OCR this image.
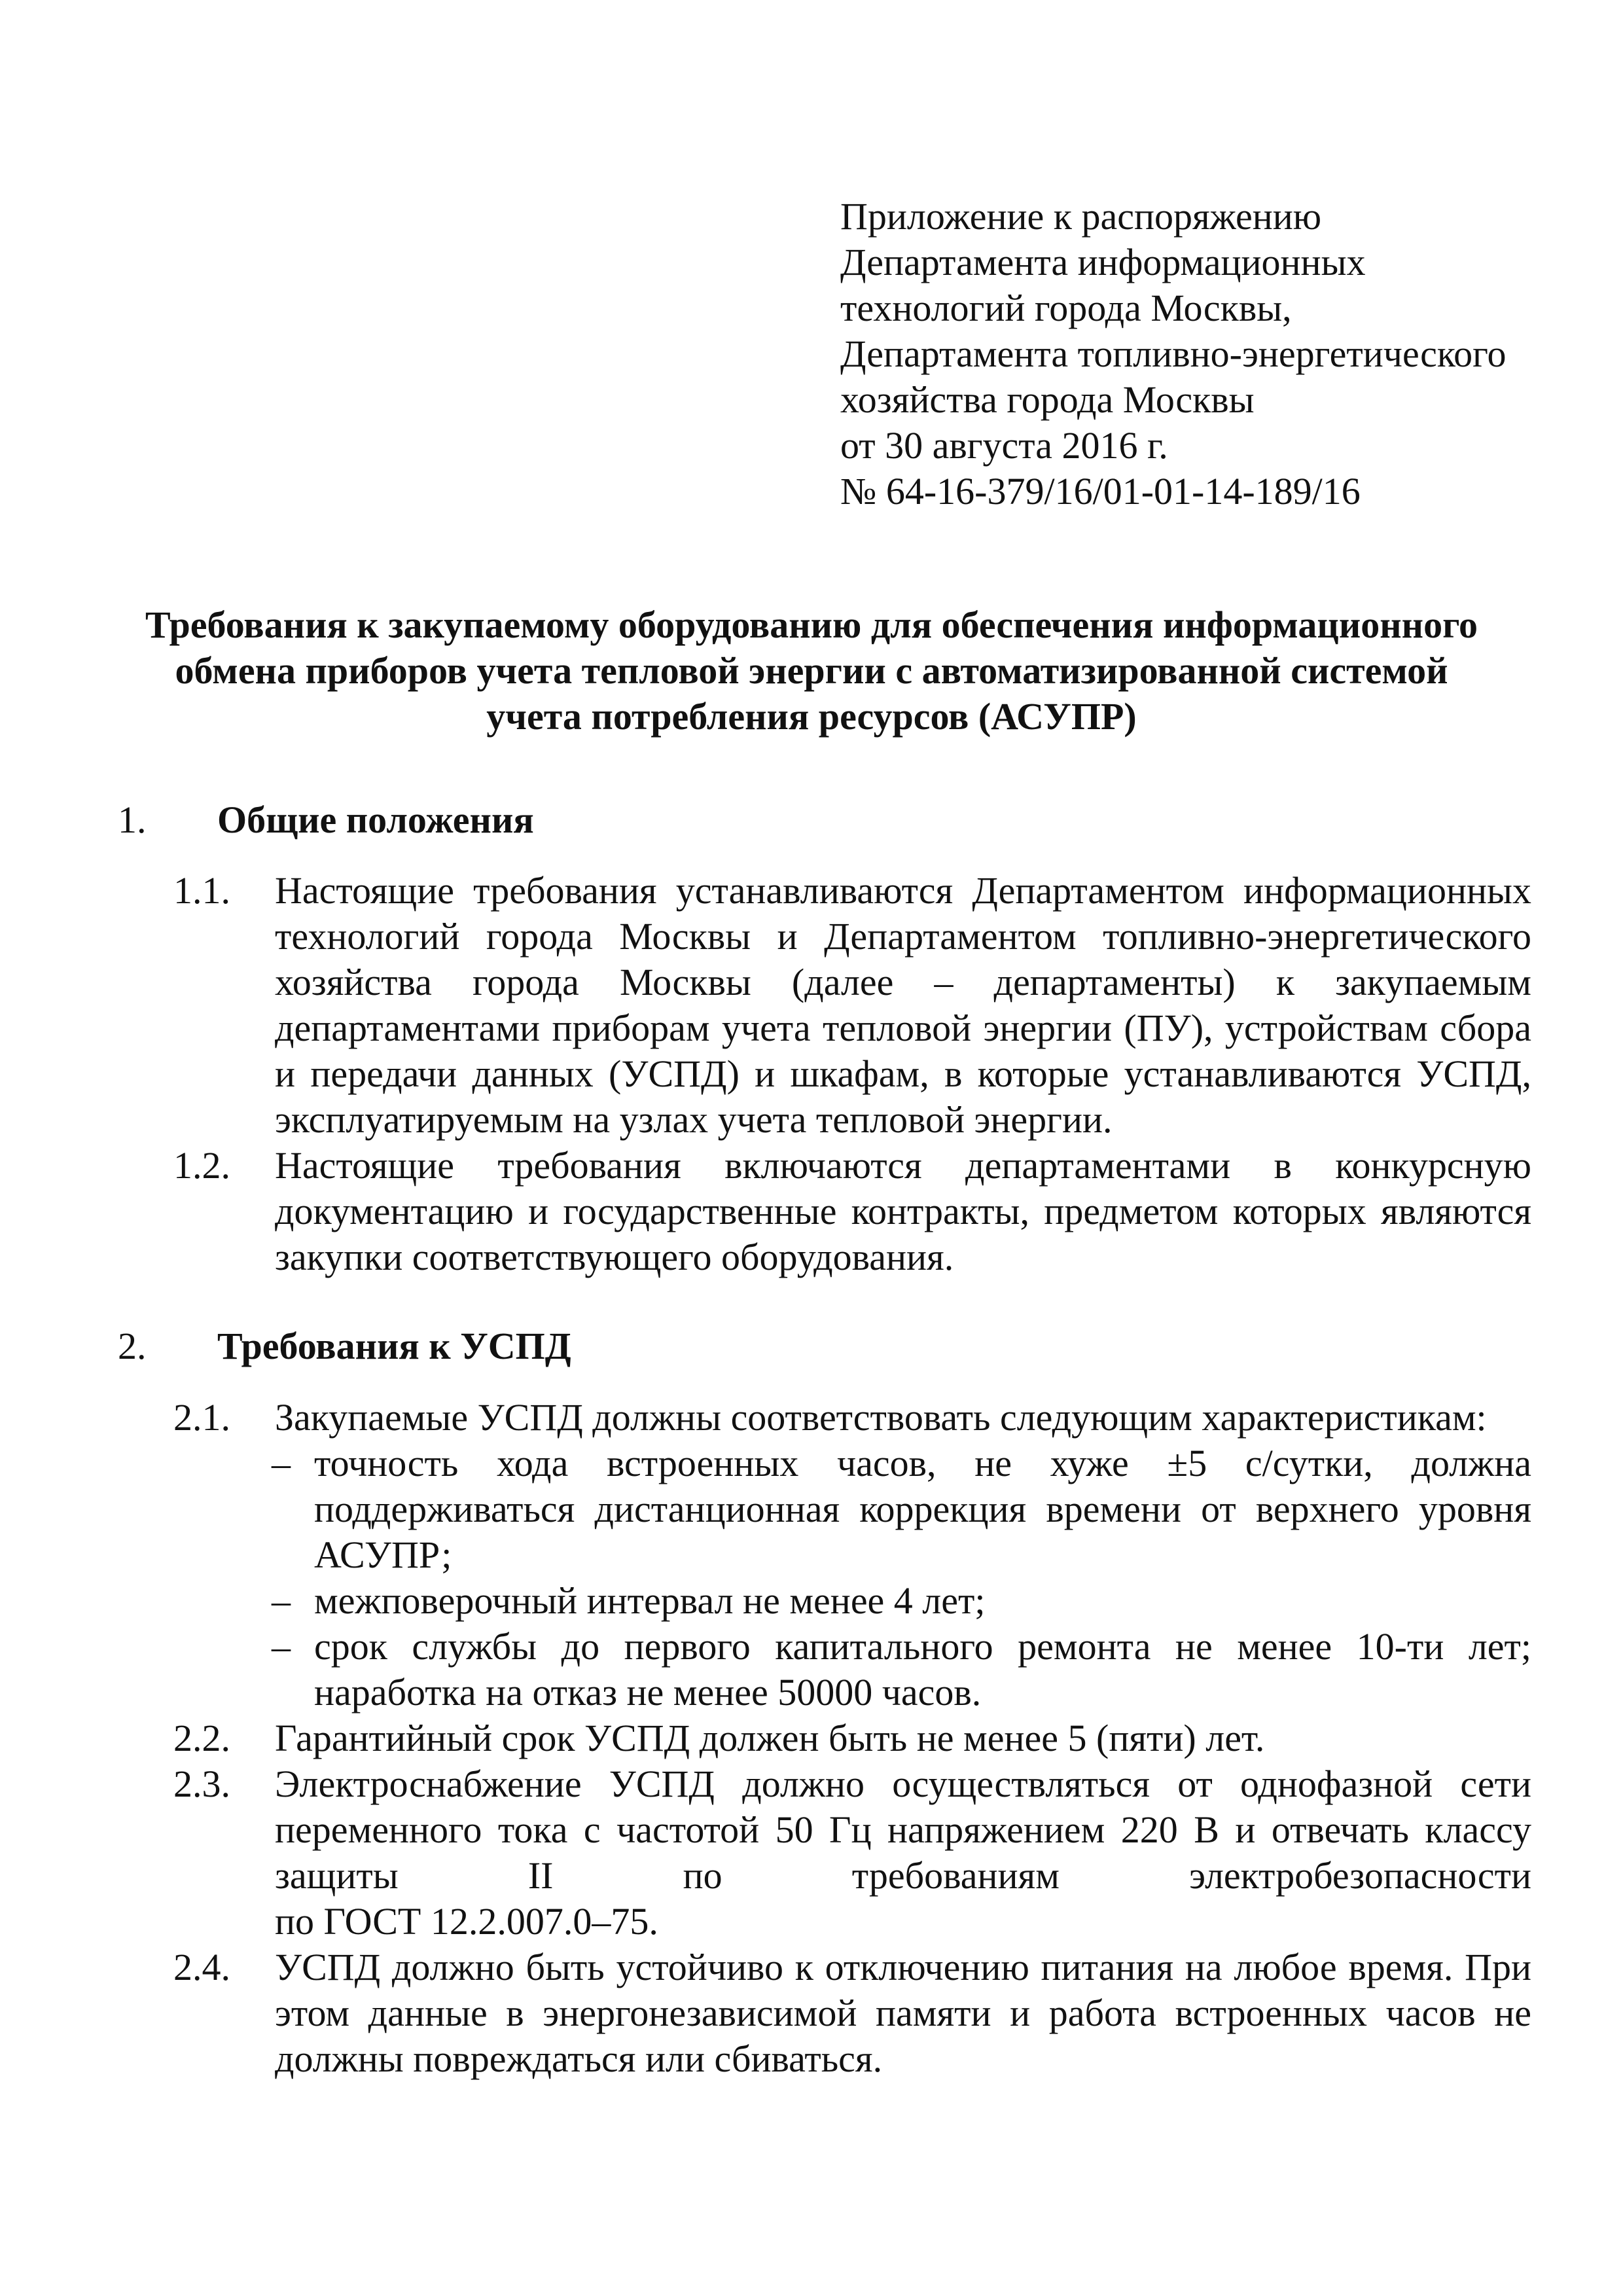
Приложение к распоряжению
Департамента информационных
технологий города Москвы,
Департамента топливно-энергетического
хозяйства города Москвы
от 30 августа 2016 г.
№ 64-16-379/16/01-01-14-189/16
Требования к закупаемому оборудованию для обеспечения информационного
обмена приборов учета тепловой энергии с автоматизированной системой
учета потребления ресурсов (АСУПР)
1. Общие положения
1.1. Настоящие требования устанавливаются Департаментом информационных технологий города Москвы и Департаментом топливно-энергетического хозяйства города Москвы (далее – департаменты) к закупаемым департаментами приборам учета тепловой энергии (ПУ), устройствам сбора и передачи данных (УСПД) и шкафам, в которые устанавливаются УСПД, эксплуатируемым на узлах учета тепловой энергии.
1.2. Настоящие требования включаются департаментами в конкурсную документацию и государственные контракты, предметом которых являются закупки соответствующего оборудования.
2. Требования к УСПД
2.1. Закупаемые УСПД должны соответствовать следующим характеристикам:
– точность хода встроенных часов, не хуже ±5 с/сутки, должна поддерживаться дистанционная коррекция времени от верхнего уровня АСУПР;
– межповерочный интервал не менее 4 лет;
– срок службы до первого капитального ремонта не менее 10-ти лет; наработка на отказ не менее 50000 часов.
2.2. Гарантийный срок УСПД должен быть не менее 5 (пяти) лет.
2.3. Электроснабжение УСПД должно осуществляться от однофазной сети переменного тока с частотой 50 Гц напряжением 220 В и отвечать классу защиты II по требованиям электробезопасности
по ГОСТ 12.2.007.0–75.
2.4. УСПД должно быть устойчиво к отключению питания на любое время. При этом данные в энергонезависимой памяти и работа встроенных часов не должны повреждаться или сбиваться.
